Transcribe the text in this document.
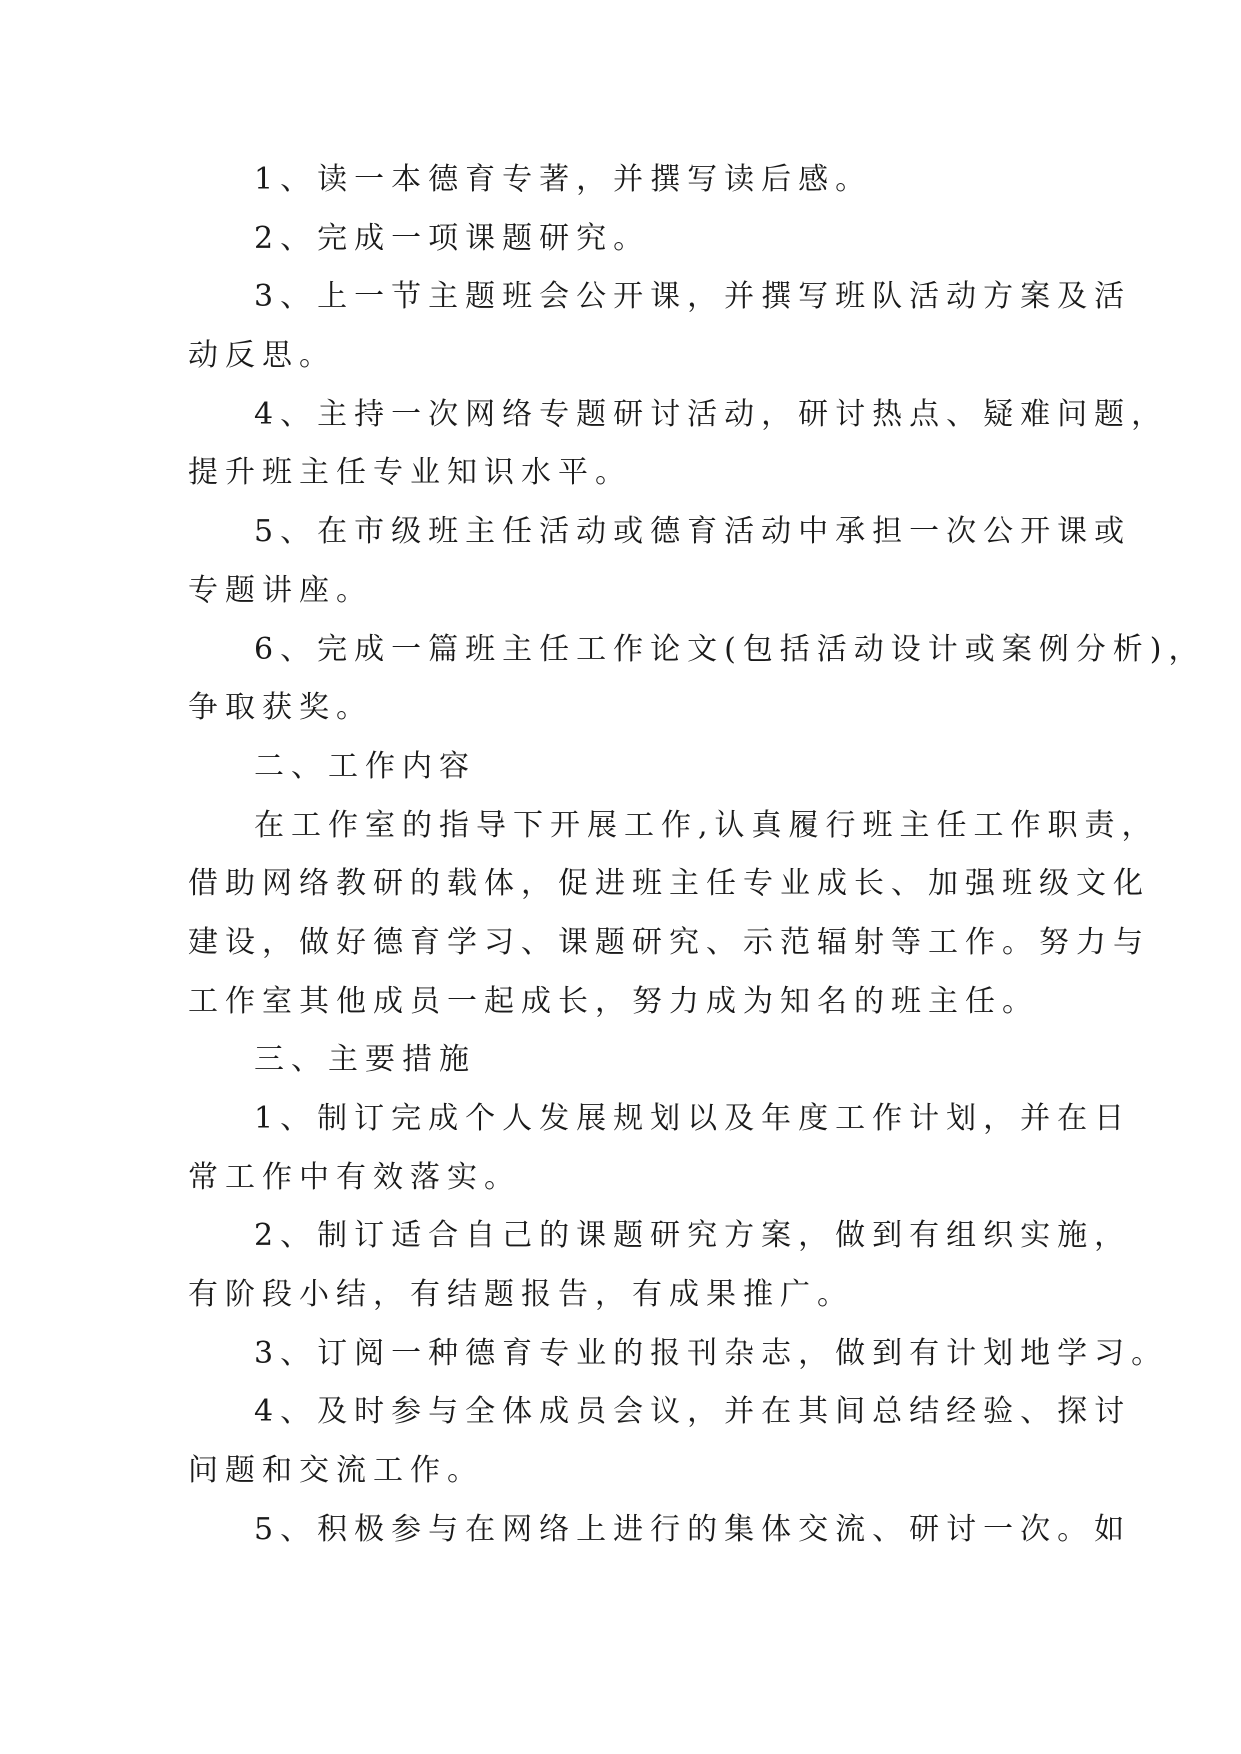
1、读一本德育专著，并撰写读后感。
2、完成一项课题研究。
3、上一节主题班会公开课，并撰写班队活动方案及活
动反思。
4、主持一次网络专题研讨活动，研讨热点、疑难问题，
提升班主任专业知识水平。
5、在市级班主任活动或德育活动中承担一次公开课或
专题讲座。
6、完成一篇班主任工作论文(包括活动设计或案例分析)，
争取获奖。
二、工作内容
在工作室的指导下开展工作,认真履行班主任工作职责，
借助网络教研的载体，促进班主任专业成长、加强班级文化
建设，做好德育学习、课题研究、示范辐射等工作。努力与
工作室其他成员一起成长，努力成为知名的班主任。
三、主要措施
1、制订完成个人发展规划以及年度工作计划，并在日
常工作中有效落实。
2、制订适合自己的课题研究方案，做到有组织实施，
有阶段小结，有结题报告，有成果推广。
3、订阅一种德育专业的报刊杂志，做到有计划地学习。
4、及时参与全体成员会议，并在其间总结经验、探讨
问题和交流工作。
5、积极参与在网络上进行的集体交流、研讨一次。如
